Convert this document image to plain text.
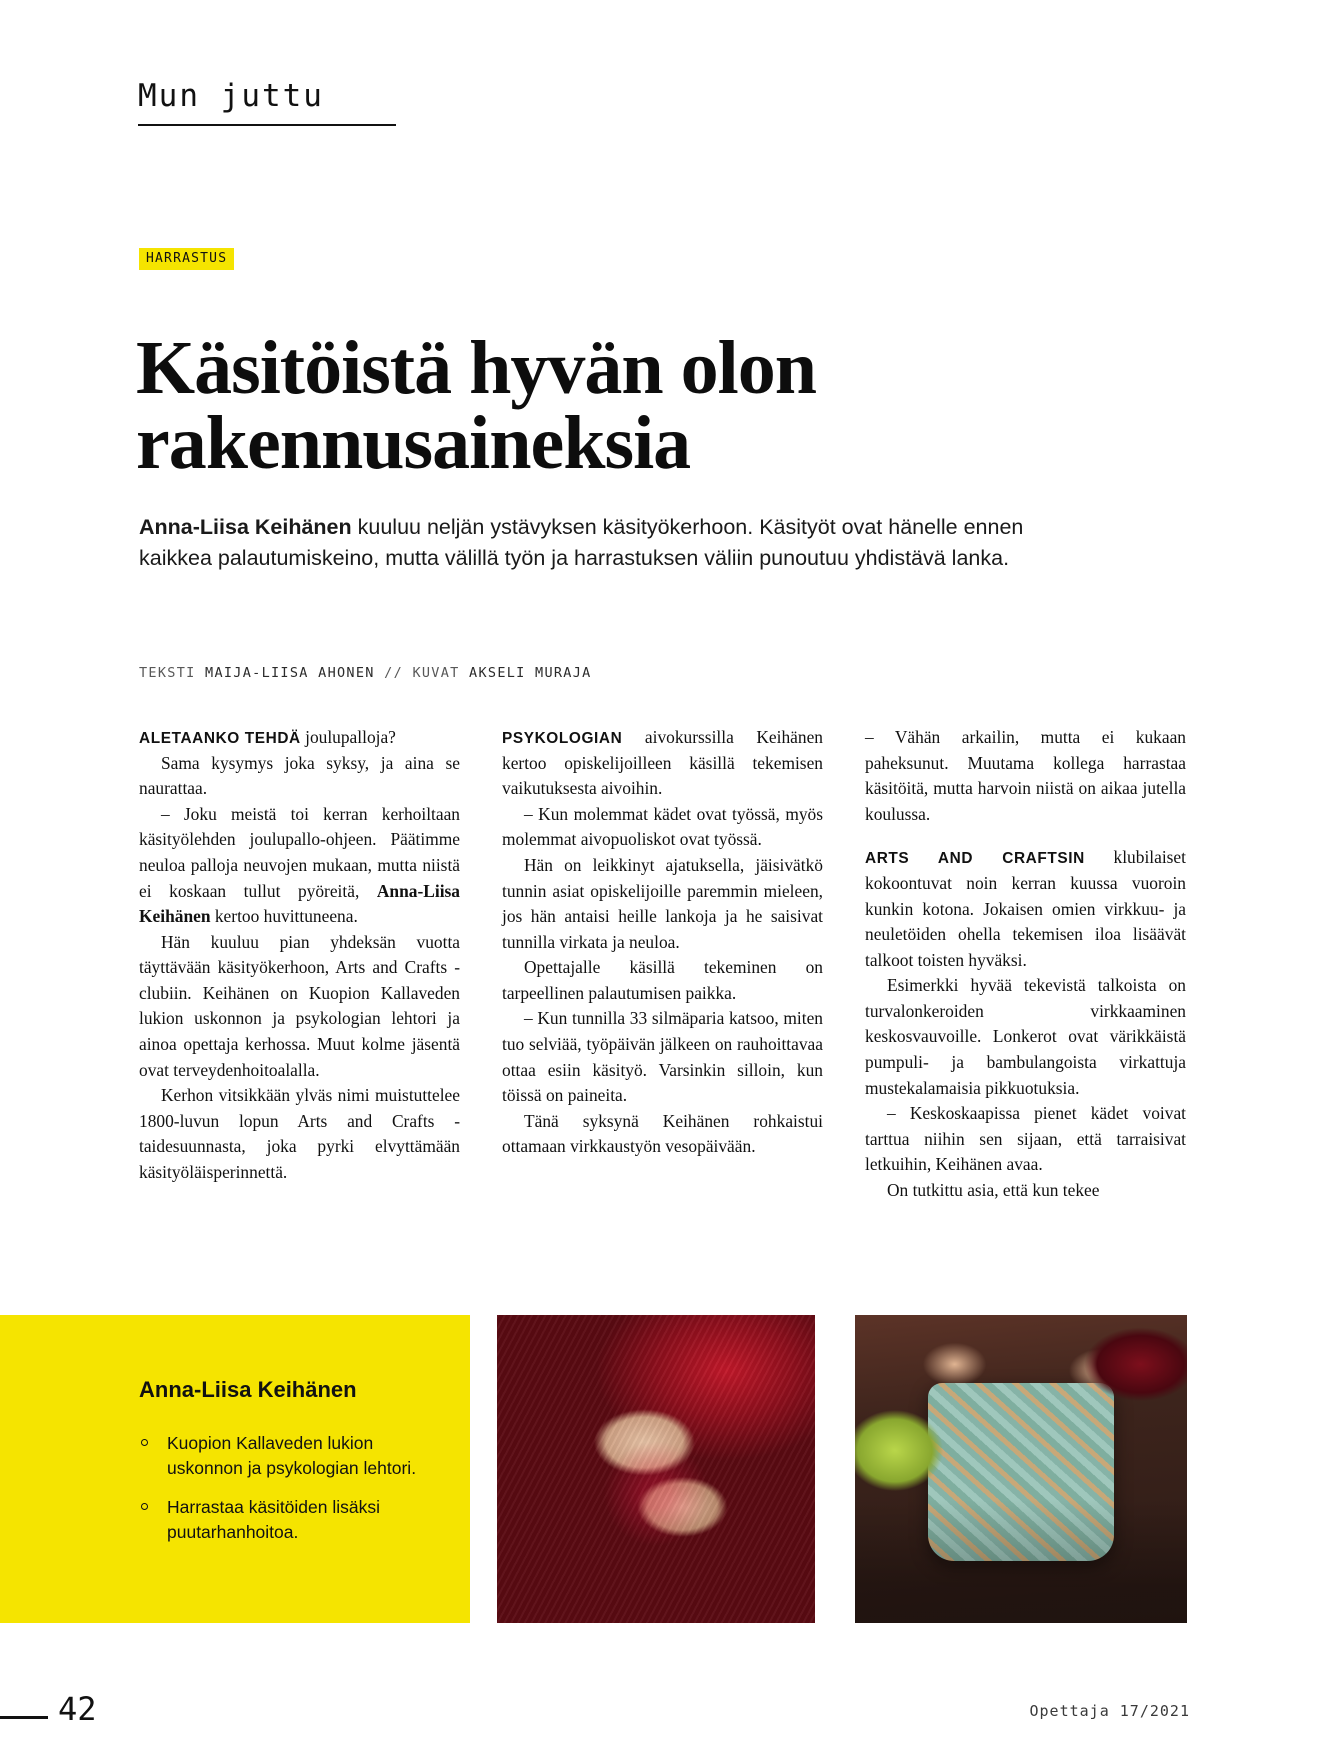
Mun juttu
HARRASTUS
Käsitöistä hyvän olon
rakennusaineksia
Anna-Liisa Keihänen kuuluu neljän ystävyksen käsityökerhoon. Käsityöt ovat hänelle ennen kaikkea palautumiskeino, mutta välillä työn ja harrastuksen väliin punoutuu yhdistävä lanka.
TEKSTI MAIJA-LIISA AHONEN // KUVAT AKSELI MURAJA

ALETAANKO TEHDÄ joulupalloja?

Sama kysymys joka syksy, ja aina se naurattaa.

– Joku meistä toi kerran kerhoiltaan käsityölehden joulupallo-ohjeen. Päätimme neuloa palloja neuvojen mukaan, mutta niistä ei koskaan tullut pyöreitä, Anna-Liisa Keihänen kertoo huvittuneena.

Hän kuuluu pian yhdeksän vuotta täyttävään käsityökerhoon, Arts and Crafts -clubiin. Keihänen on Kuopion Kallaveden lukion uskonnon ja psykologian lehtori ja ainoa opettaja kerhossa. Muut kolme jäsentä ovat terveydenhoitoalalla.

Kerhon vitsikkään ylväs nimi muistuttelee 1800-luvun lopun Arts and Crafts -taidesuunnasta, joka pyrki elvyttämään käsityöläisperinnettä.

PSYKOLOGIAN aivokurssilla Keihänen kertoo opiskelijoilleen käsillä tekemisen vaikutuksesta aivoihin.

– Kun molemmat kädet ovat työssä, myös molemmat aivopuoliskot ovat työssä.

Hän on leikkinyt ajatuksella, jäisivätkö tunnin asiat opiskelijoille paremmin mieleen, jos hän antaisi heille lankoja ja he saisivat tunnilla virkata ja neuloa.

Opettajalle käsillä tekeminen on tarpeellinen palautumisen paikka.

– Kun tunnilla 33 silmäparia katsoo, miten tuo selviää, työpäivän jälkeen on rauhoittavaa ottaa esiin käsityö. Varsinkin silloin, kun töissä on paineita.

Tänä syksynä Keihänen rohkaistui ottamaan virkkaustyön vesopäivään.

– Vähän arkailin, mutta ei kukaan paheksunut. Muutama kollega harrastaa käsitöitä, mutta harvoin niistä on aikaa jutella koulussa.

ARTS AND CRAFTSIN klubilaiset kokoontuvat noin kerran kuussa vuoroin kunkin kotona. Jokaisen omien virkkuu- ja neuletöiden ohella tekemisen iloa lisäävät talkoot toisten hyväksi.

Esimerkki hyvää tekevistä talkoista on turvalonkeroiden virkkaaminen keskosvauvoille. Lonkerot ovat värikkäistä pumpuli- ja bambulangoista virkattuja mustekalamaisia pikkuotuksia.

– Keskoskaapissa pienet kädet voivat tarttua niihin sen sijaan, että tarraisivat letkuihin, Keihänen avaa.

On tutkittu asia, että kun tekee

Anna-Liisa Keihänen
Kuopion Kallaveden lukion uskonnon ja psykologian lehtori.
Harrastaa käsitöiden lisäksi puutarhanhoitoa.
42	Opettaja 17/2021
